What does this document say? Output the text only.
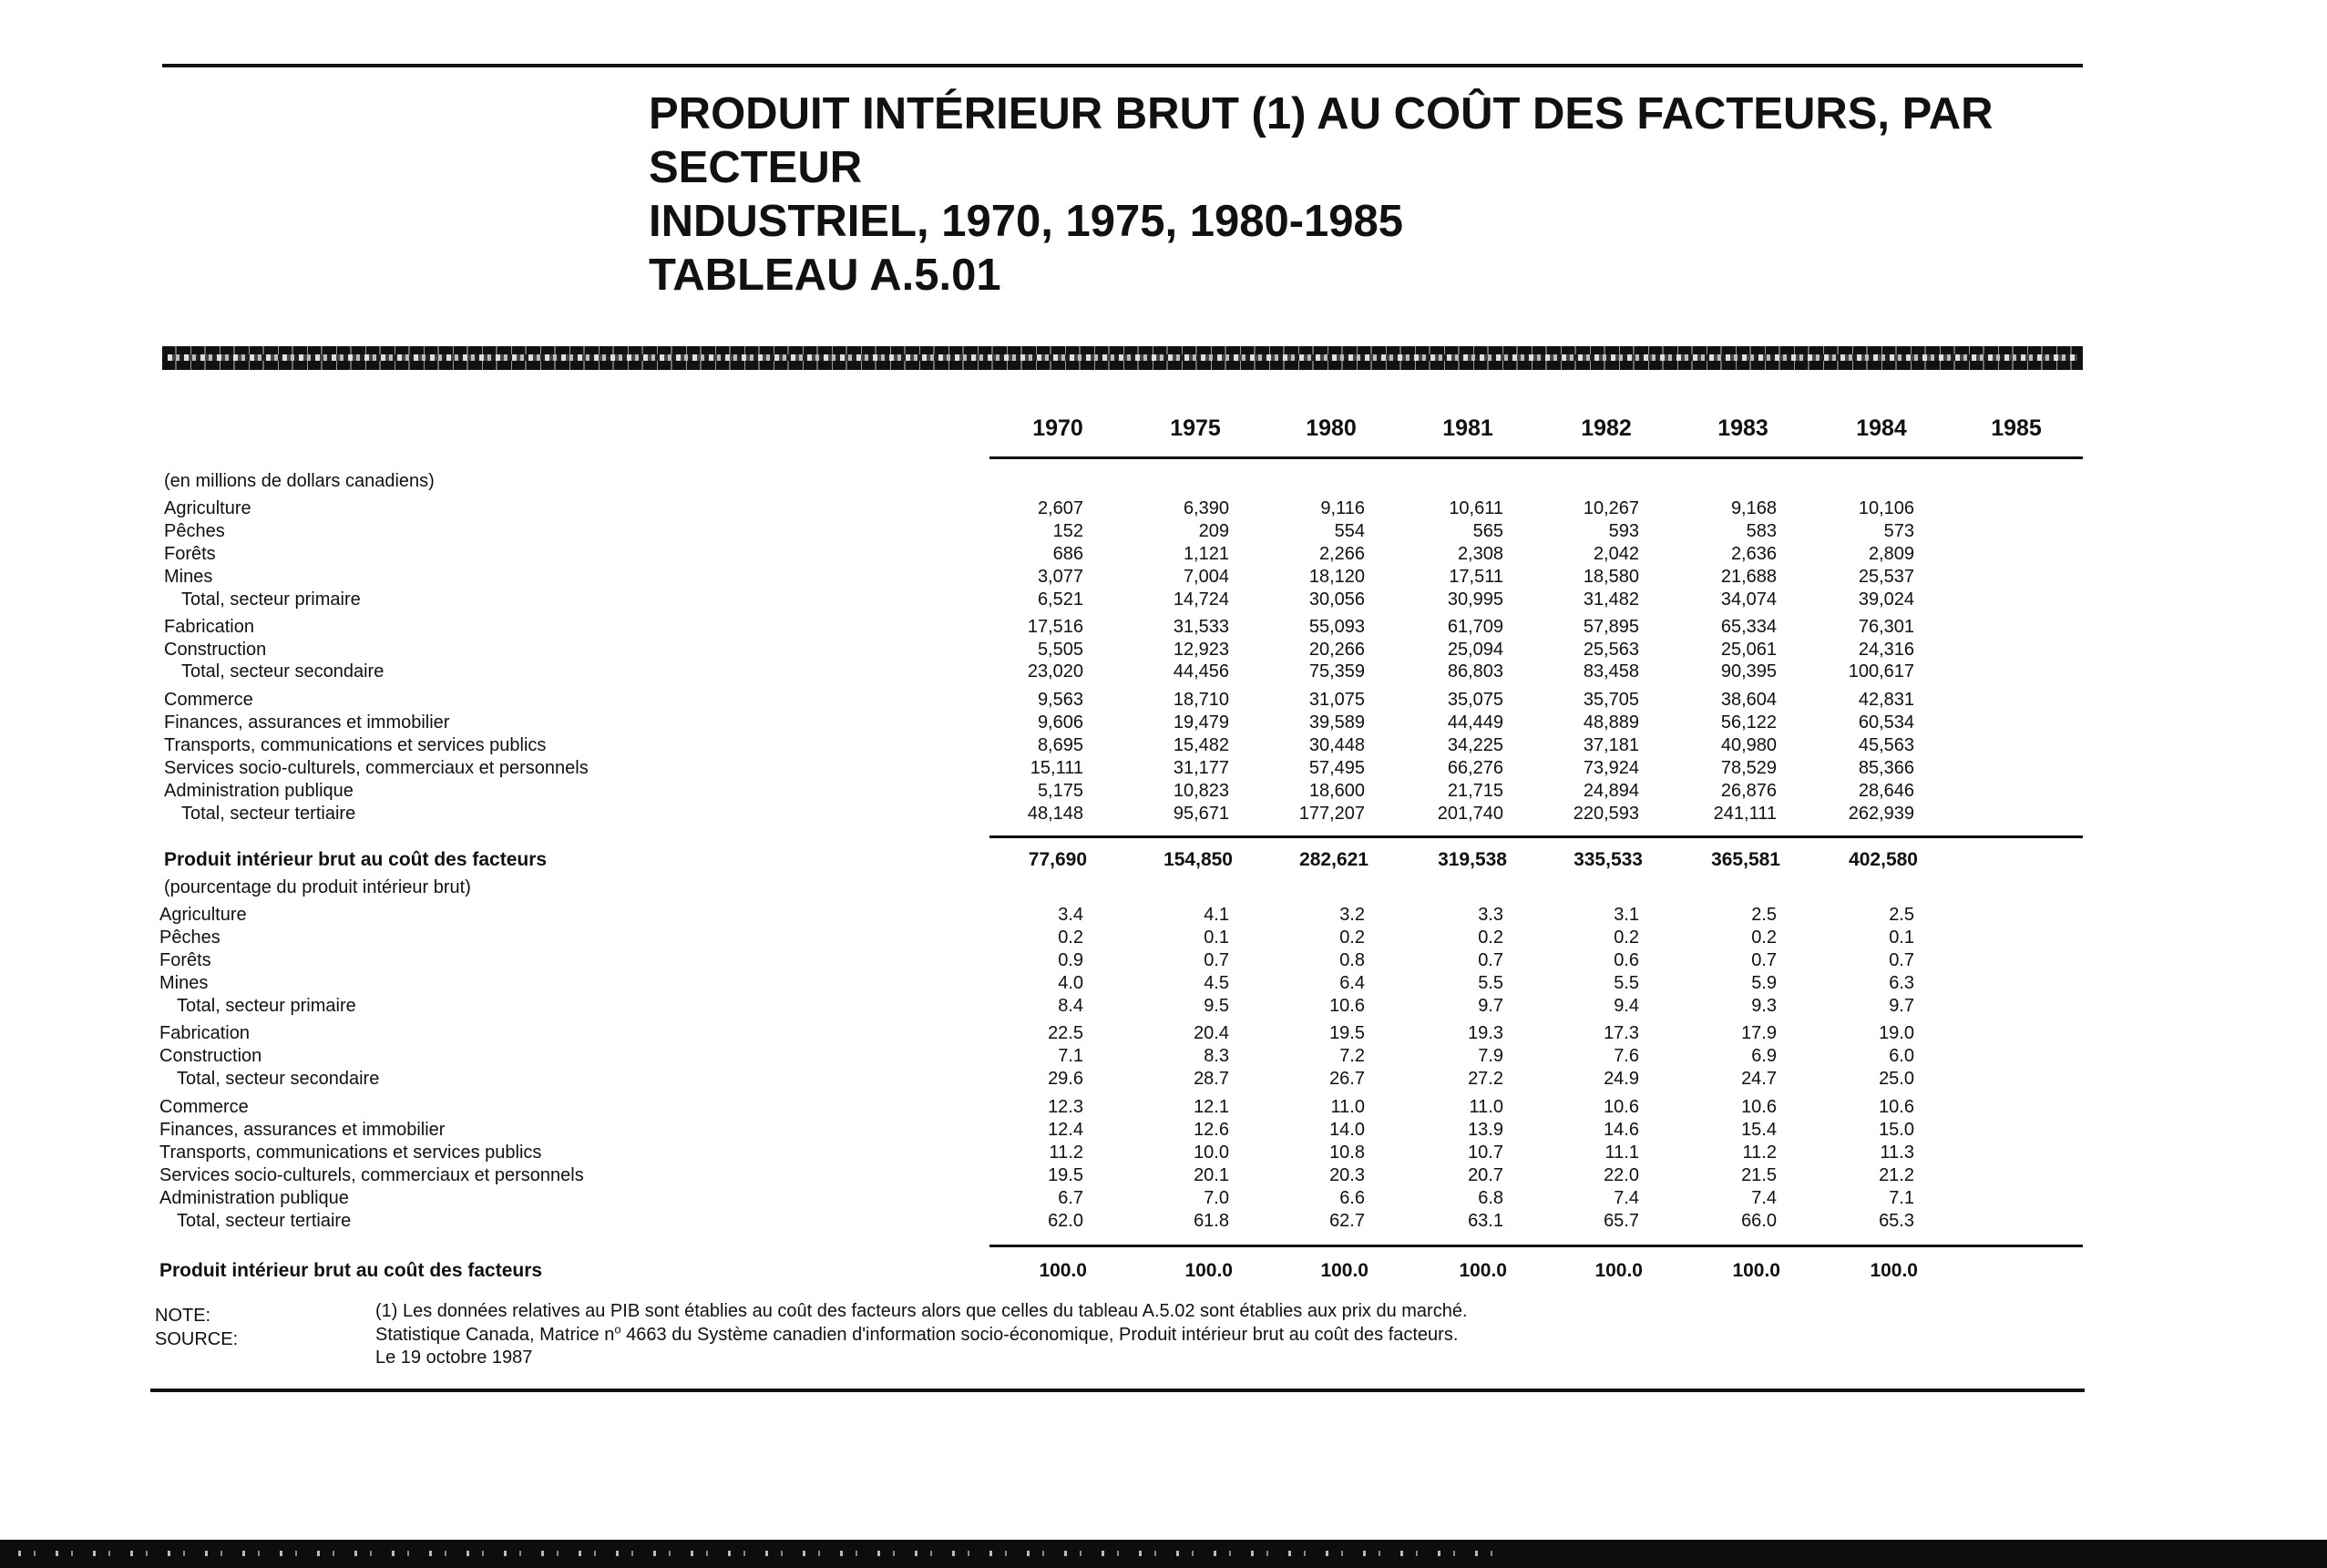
PRODUIT INTÉRIEUR BRUT (1) AU COÛT DES FACTEURS, PAR
SECTEUR
INDUSTRIEL, 1970, 1975, 1980-1985
TABLEAU A.5.01
1970	1975	1980	1981	1982	1983	1984	1985
(en millions de dollars canadiens)
Agriculture	2,607	6,390	9,116	10,611	10,267	9,168	10,106
Pêches	152	209	554	565	593	583	573
Forêts	686	1,121	2,266	2,308	2,042	2,636	2,809
Mines	3,077	7,004	18,120	17,511	18,580	21,688	25,537
Total, secteur primaire	6,521	14,724	30,056	30,995	31,482	34,074	39,024
Fabrication	17,516	31,533	55,093	61,709	57,895	65,334	76,301
Construction	5,505	12,923	20,266	25,094	25,563	25,061	24,316
Total, secteur secondaire	23,020	44,456	75,359	86,803	83,458	90,395	100,617
Commerce	9,563	18,710	31,075	35,075	35,705	38,604	42,831
Finances, assurances et immobilier	9,606	19,479	39,589	44,449	48,889	56,122	60,534
Transports, communications et services publics	8,695	15,482	30,448	34,225	37,181	40,980	45,563
Services socio-culturels, commerciaux et personnels	15,111	31,177	57,495	66,276	73,924	78,529	85,366
Administration publique	5,175	10,823	18,600	21,715	24,894	26,876	28,646
Total, secteur tertiaire	48,148	95,671	177,207	201,740	220,593	241,111	262,939
Produit intérieur brut au coût des facteurs	77,690	154,850	282,621	319,538	335,533	365,581	402,580
(pourcentage du produit intérieur brut)
Agriculture	3.4	4.1	3.2	3.3	3.1	2.5	2.5
Pêches	0.2	0.1	0.2	0.2	0.2	0.2	0.1
Forêts	0.9	0.7	0.8	0.7	0.6	0.7	0.7
Mines	4.0	4.5	6.4	5.5	5.5	5.9	6.3
Total, secteur primaire	8.4	9.5	10.6	9.7	9.4	9.3	9.7
Fabrication	22.5	20.4	19.5	19.3	17.3	17.9	19.0
Construction	7.1	8.3	7.2	7.9	7.6	6.9	6.0
Total, secteur secondaire	29.6	28.7	26.7	27.2	24.9	24.7	25.0
Commerce	12.3	12.1	11.0	11.0	10.6	10.6	10.6
Finances, assurances et immobilier	12.4	12.6	14.0	13.9	14.6	15.4	15.0
Transports, communications et services publics	11.2	10.0	10.8	10.7	11.1	11.2	11.3
Services socio-culturels, commerciaux et personnels	19.5	20.1	20.3	20.7	22.0	21.5	21.2
Administration publique	6.7	7.0	6.6	6.8	7.4	7.4	7.1
Total, secteur tertiaire	62.0	61.8	62.7	63.1	65.7	66.0	65.3
Produit intérieur brut au coût des facteurs	100.0	100.0	100.0	100.0	100.0	100.0	100.0
NOTE:	(1) Les données relatives au PIB sont établies au coût des facteurs alors que celles du tableau A.5.02 sont établies aux prix du marché.
SOURCE:	Statistique Canada, Matrice $n^o$ 4663 du Système canadien d'information socio-économique, Produit intérieur brut au coût des facteurs.
Le 19 octobre 1987
